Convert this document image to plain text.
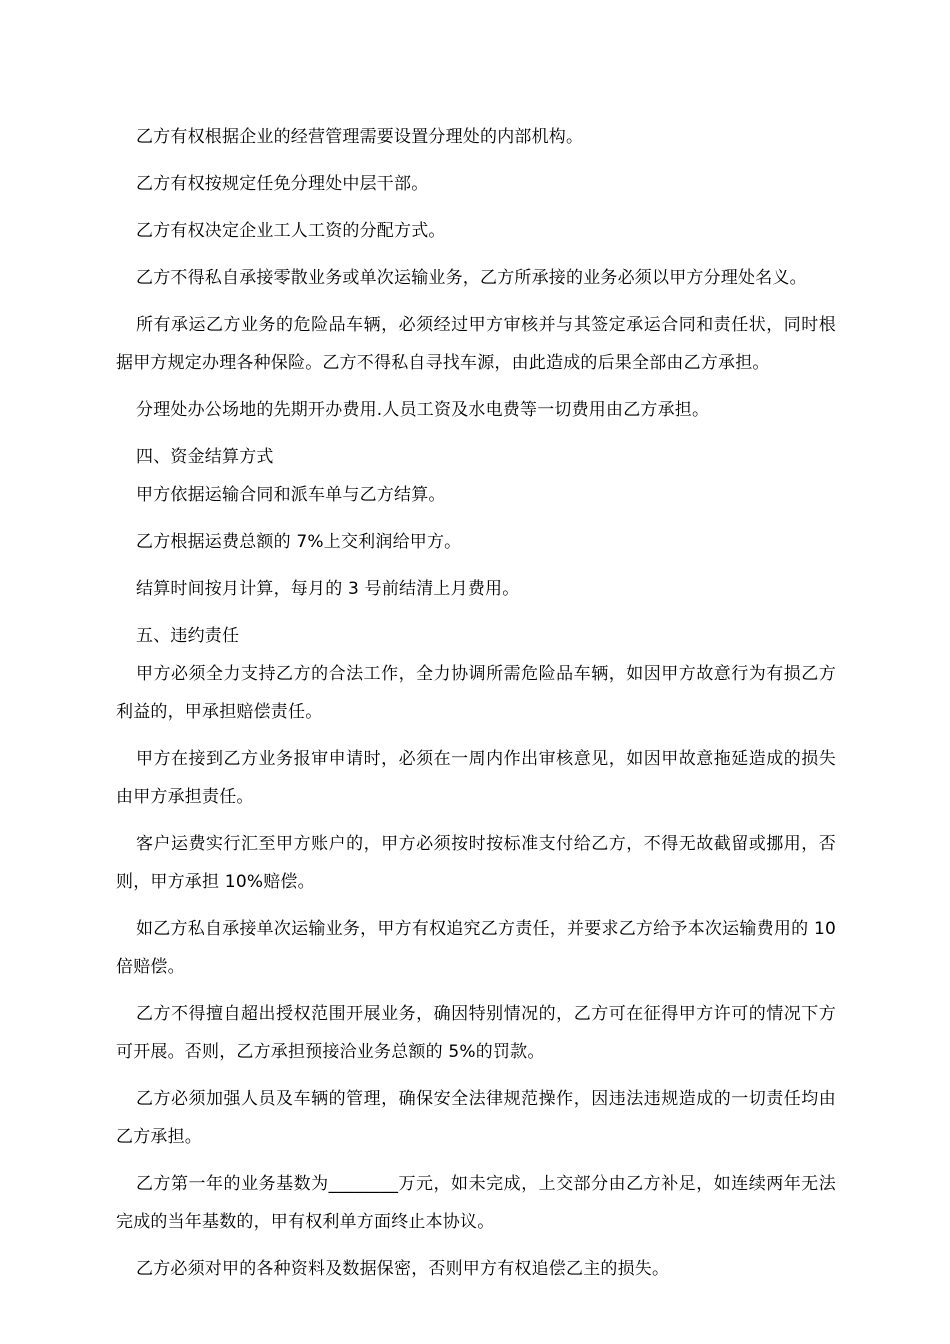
乙方有权根据企业的经营管理需要设置分理处的内部机构。

乙方有权按规定任免分理处中层干部。

乙方有权决定企业工人工资的分配方式。

乙方不得私自承接零散业务或单次运输业务，乙方所承接的业务必须以甲方分理处名义。

所有承运乙方业务的危险品车辆，必须经过甲方审核并与其签定承运合同和责任状，同时根据甲方规定办理各种保险。乙方不得私自寻找车源，由此造成的后果全部由乙方承担。

分理处办公场地的先期开办费用.人员工资及水电费等一切费用由乙方承担。

四、资金结算方式

甲方依据运输合同和派车单与乙方结算。

乙方根据运费总额的 7%上交利润给甲方。

结算时间按月计算，每月的 3 号前结清上月费用。

五、违约责任

甲方必须全力支持乙方的合法工作，全力协调所需危险品车辆，如因甲方故意行为有损乙方利益的，甲承担赔偿责任。

甲方在接到乙方业务报审申请时，必须在一周内作出审核意见，如因甲故意拖延造成的损失由甲方承担责任。

客户运费实行汇至甲方账户的，甲方必须按时按标准支付给乙方，不得无故截留或挪用，否则，甲方承担 10%赔偿。

如乙方私自承接单次运输业务，甲方有权追究乙方责任，并要求乙方给予本次运输费用的 10 倍赔偿。

乙方不得擅自超出授权范围开展业务，确因特别情况的，乙方可在征得甲方许可的情况下方可开展。否则，乙方承担预接洽业务总额的 5%的罚款。

乙方必须加强人员及车辆的管理，确保安全法律规范操作，因违法违规造成的一切责任均由乙方承担。

乙方第一年的业务基数为________万元，如未完成，上交部分由乙方补足，如连续两年无法完成的当年基数的，甲有权利单方面终止本协议。

乙方必须对甲的各种资料及数据保密，否则甲方有权追偿乙主的损失。
